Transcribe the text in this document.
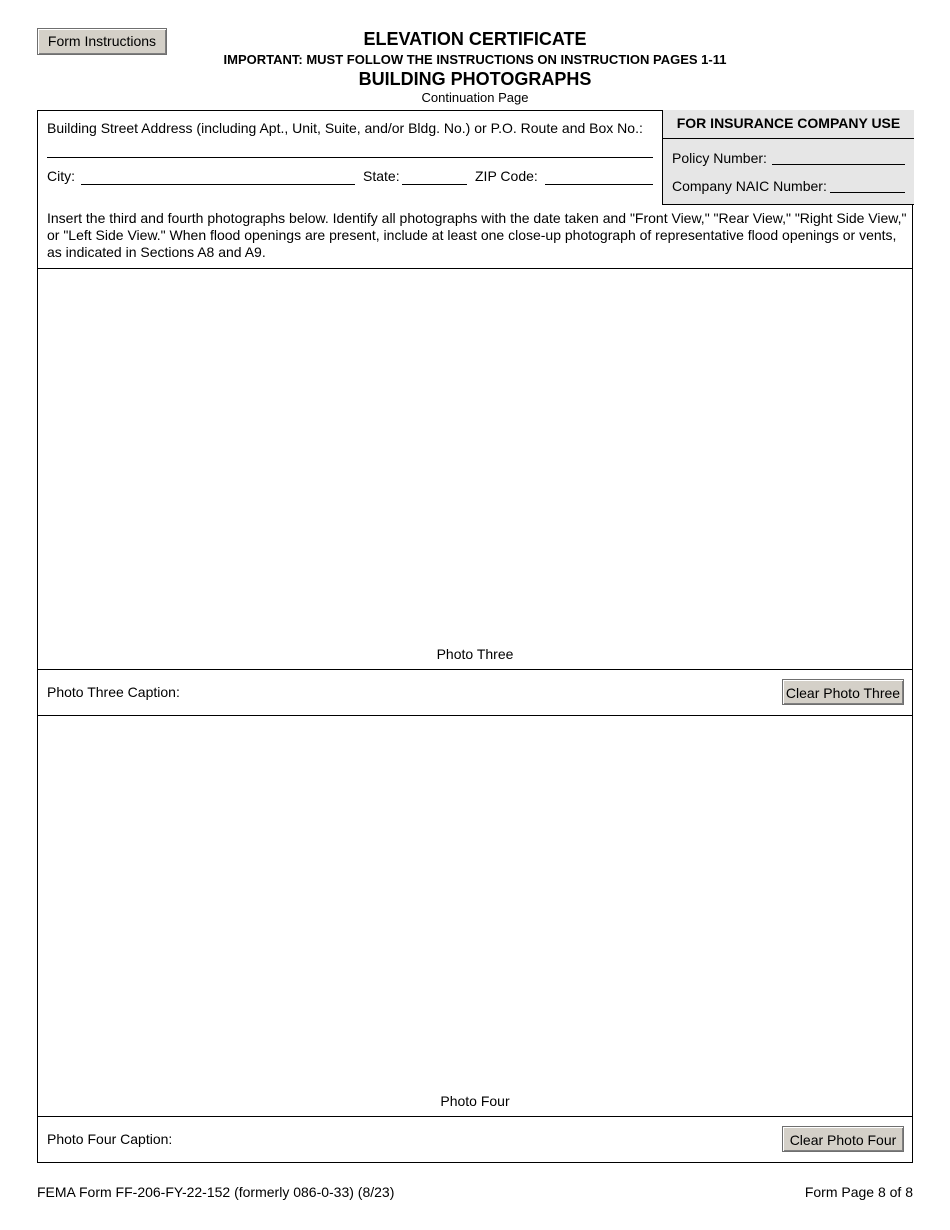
Form Instructions	ELEVATION CERTIFICATE
IMPORTANT: MUST FOLLOW THE INSTRUCTIONS ON INSTRUCTION PAGES 1-11
BUILDING PHOTOGRAPHS
Continuation Page
Building Street Address (including Apt., Unit, Suite, and/or Bldg. No.) or P.O. Route and Box No.:
City:	State:	ZIP Code:
FOR INSURANCE COMPANY USE
Policy Number:
Company NAIC Number:
Insert the third and fourth photographs below. Identify all photographs with the date taken and "Front View," "Rear View," "Right Side View," or "Left Side View." When flood openings are present, include at least one close-up photograph of representative flood openings or vents, as indicated in Sections A8 and A9.
Photo Three
Photo Three Caption:	Clear Photo Three
Photo Four
Photo Four Caption:	Clear Photo Four
FEMA Form FF-206-FY-22-152 (formerly 086-0-33) (8/23)	Form Page 8 of 8
